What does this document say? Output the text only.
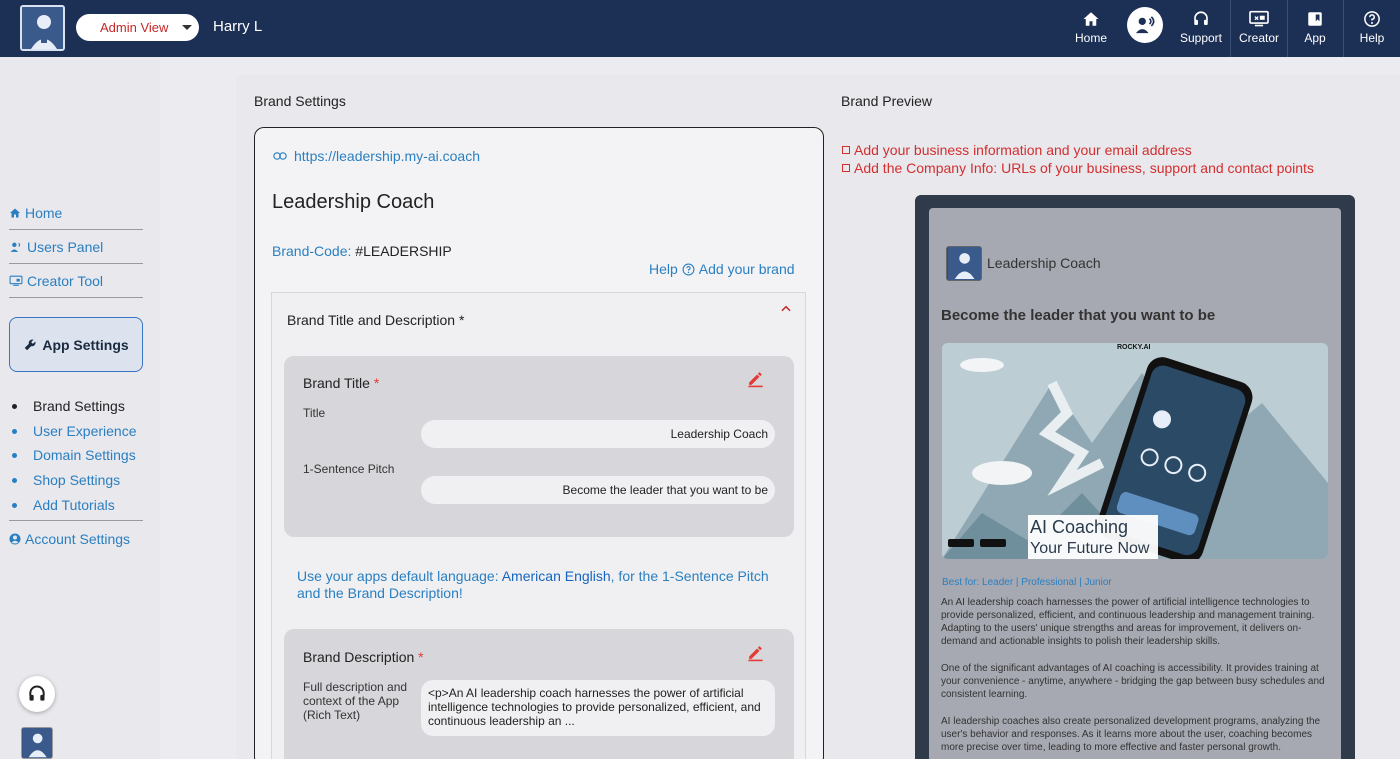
Admin View	Harry L
Home	Support	Creator	App	Help
Home
Users Panel
Creator Tool
App Settings
Brand Settings
User Experience
Domain Settings
Shop Settings
Add Tutorials
Account Settings
Brand Settings	Brand Preview
https://leadership.my-ai.coach
Leadership Coach
Brand-Code: #LEADERSHIP
Help Add your brand
Brand Title and Description *
Brand Title *
Title
Leadership Coach
1-Sentence Pitch
Become the leader that you want to be
Use your apps default language: American English, for the 1-Sentence Pitch and the Brand Description!
Brand Description *
Full description and context of the App (Rich Text)
<p>An AI leadership coach harnesses the power of artificial intelligence technologies to provide personalized, efficient, and continuous leadership an ...
Add your business information and your email address
Add the Company Info: URLs of your business, support and contact points
Leadership Coach
Become the leader that you want to be
ROCKY.AI
AI Coaching
Your Future Now
Best for: Leader | Professional | Junior
An AI leadership coach harnesses the power of artificial intelligence technologies to provide personalized, efficient, and continuous leadership and management training. Adapting to the users' unique strengths and areas for improvement, it delivers on-demand and actionable insights to polish their leadership skills.
One of the significant advantages of AI coaching is accessibility. It provides training at your convenience - anytime, anywhere - bridging the gap between busy schedules and consistent learning.
AI leadership coaches also create personalized development programs, analyzing the user's behavior and responses. As it learns more about the user, coaching becomes more precise over time, leading to more effective and faster personal growth.
